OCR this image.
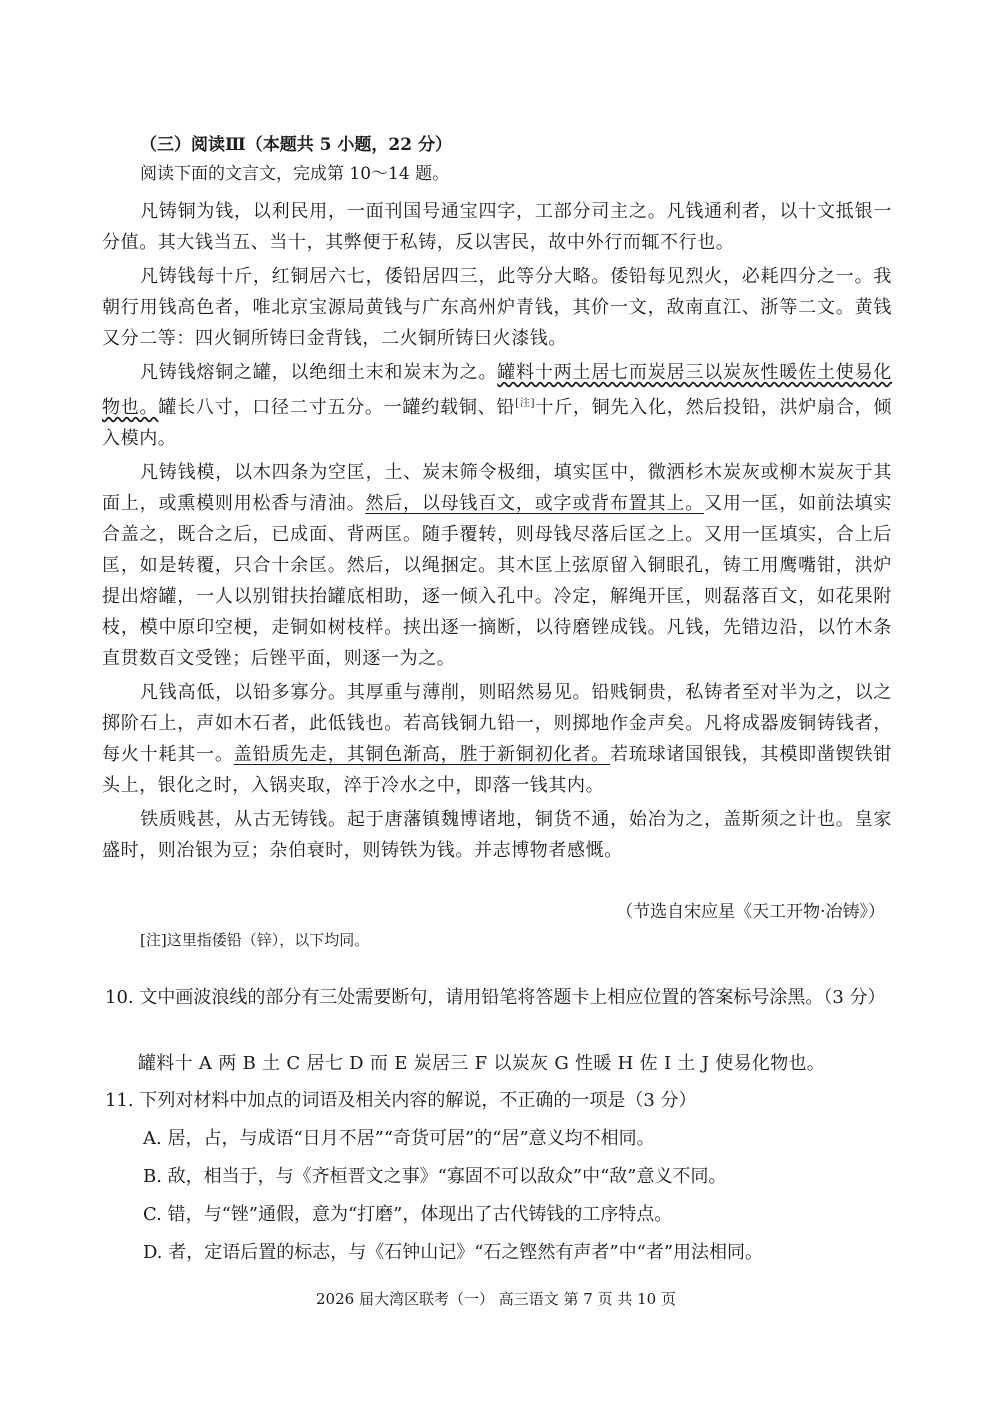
（三）阅读Ⅲ（本题共 5 小题，22 分）
阅读下面的文言文，完成第 10～14 题。

凡铸铜为钱，以利民用，一面刊国号通宝四字，工部分司主之。凡钱通利者，以十文抵银一分值。其大钱当五、当十，其弊便于私铸，反以害民，故中外行而辄不行也。

凡铸钱每十斤，红铜居六七，倭铅居四三，此等分大略。倭铅每见烈火，必耗四分之一。我朝行用钱高色者，唯北京宝源局黄钱与广东高州炉青钱，其价一文，敌南直江、浙等二文。黄钱又分二等：四火铜所铸曰金背钱，二火铜所铸曰火漆钱。

凡铸钱熔铜之罐，以绝细土末和炭末为之。罐料十两土居七而炭居三以炭灰性暖佐土使易化物也。罐长八寸，口径二寸五分。一罐约载铜、铅[注]十斤，铜先入化，然后投铅，洪炉扇合，倾入模内。

凡铸钱模，以木四条为空匡，土、炭末筛令极细，填实匡中，微洒杉木炭灰或柳木炭灰于其面上，或熏模则用松香与清油。然后，以母钱百文，或字或背布置其上。又用一匡，如前法填实合盖之，既合之后，已成面、背两匡。随手覆转，则母钱尽落后匡之上。又用一匡填实，合上后匡，如是转覆，只合十余匡。然后，以绳捆定。其木匡上弦原留入铜眼孔，铸工用鹰嘴钳，洪炉提出熔罐，一人以别钳扶抬罐底相助，逐一倾入孔中。冷定，解绳开匡，则磊落百文，如花果附枝，模中原印空梗，走铜如树枝样。挟出逐一摘断，以待磨锉成钱。凡钱，先错边沿，以竹木条直贯数百文受锉；后锉平面，则逐一为之。

凡钱高低，以铅多寡分。其厚重与薄削，则昭然易见。铅贱铜贵，私铸者至对半为之，以之掷阶石上，声如木石者，此低钱也。若高钱铜九铅一，则掷地作金声矣。凡将成器废铜铸钱者，每火十耗其一。盖铅质先走，其铜色渐高，胜于新铜初化者。若琉球诸国银钱，其模即凿锲铁钳头上，银化之时，入锅夹取，淬于冷水之中，即落一钱其内。

铁质贱甚，从古无铸钱。起于唐藩镇魏博诸地，铜货不通，始冶为之，盖斯须之计也。皇家盛时，则冶银为豆；杂伯衰时，则铸铁为钱。并志博物者感慨。

（节选自宋应星《天工开物·冶铸》）
[注]这里指倭铅（锌），以下均同。
10. 文中画波浪线的部分有三处需要断句，请用铅笔将答题卡上相应位置的答案标号涂黑。（3 分）
罐料十 A 两 B 土 C 居七 D 而 E 炭居三 F 以炭灰 G 性暖 H 佐 I 土 J 使易化物也。
11. 下列对材料中加点的词语及相关内容的解说，不正确的一项是（3 分）
A. 居，占，与成语“日月不居”“奇货可居”的“居”意义均不相同。
B. 敌，相当于，与《齐桓晋文之事》“寡固不可以敌众”中“敌”意义不同。
C. 错，与“锉”通假，意为“打磨”，体现出了古代铸钱的工序特点。
D. 者，定语后置的标志，与《石钟山记》“石之铿然有声者”中“者”用法相同。
2026 届大湾区联考（一） 高三语文 第 7 页 共 10 页
